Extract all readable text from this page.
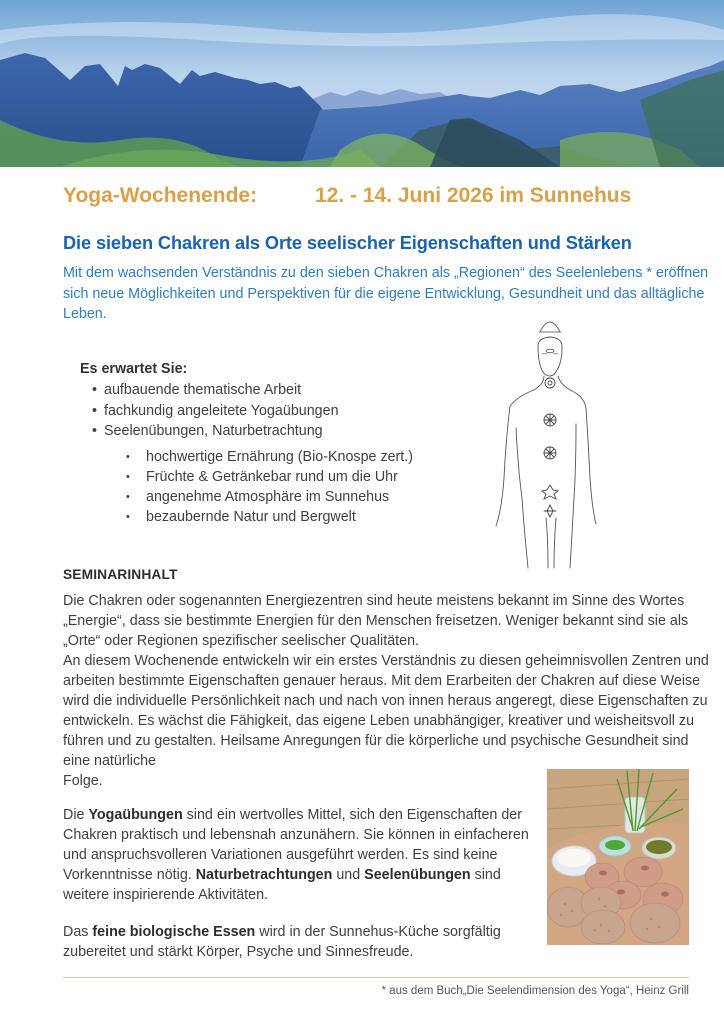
Yoga-Wochenende:	12. - 14. Juni 2026 im Sunnehus
Die sieben Chakren als Orte seelischer Eigenschaften und Stärken
Mit dem wachsenden Verständnis zu den sieben Chakren als „Regionen“ des Seelenlebens * eröffnen sich neue Möglichkeiten und Perspektiven für die eigene Entwicklung, Gesundheit und das alltägliche Leben.
Es erwartet Sie:
• aufbauende thematische Arbeit
• fachkundig angeleitete Yogaübungen
• Seelenübungen, Naturbetrachtung
• hochwertige Ernährung (Bio-Knospe zert.)
• Früchte & Getränkebar rund um die Uhr
• angenehme Atmosphäre im Sunnehus
• bezaubernde Natur und Bergwelt
SEMINARINHALT

Die Chakren oder sogenannten Energiezentren sind heute meistens bekannt im Sinne des Wortes „Energie“, dass sie bestimmte Energien für den Menschen freisetzen. Weniger bekannt sind sie als „Orte“ oder Regionen spezifischer seelischer Qualitäten.

An diesem Wochenende entwickeln wir ein erstes Verständnis zu diesen geheimnisvollen Zentren und arbeiten bestimmte Eigenschaften genauer heraus. Mit dem Erarbeiten der Chakren auf diese Weise wird die individuelle Persönlichkeit nach und nach von innen heraus angeregt, diese Eigenschaften zu entwickeln. Es wächst die Fähigkeit, das eigene Leben unabhängiger, kreativer und weisheitsvoll zu führen und zu gestalten. Heilsame Anregungen für die körperliche und psychische Gesundheit sind eine natürliche
Folge.

Die Yogaübungen sind ein wertvolles Mittel, sich den Eigenschaften der Chakren praktisch und lebensnah anzunähern. Sie können in einfacheren und anspruchsvolleren Variationen ausgeführt werden. Es sind keine Vorkenntnisse nötig. Naturbetrachtungen und Seelenübungen sind weitere inspirierende Aktivitäten.

Das feine biologische Essen wird in der Sunnehus-Küche sorgfältig zubereitet und stärkt Körper, Psyche und Sinnesfreude.

* aus dem Buch„Die Seelendimension des Yoga“, Heinz Grill
